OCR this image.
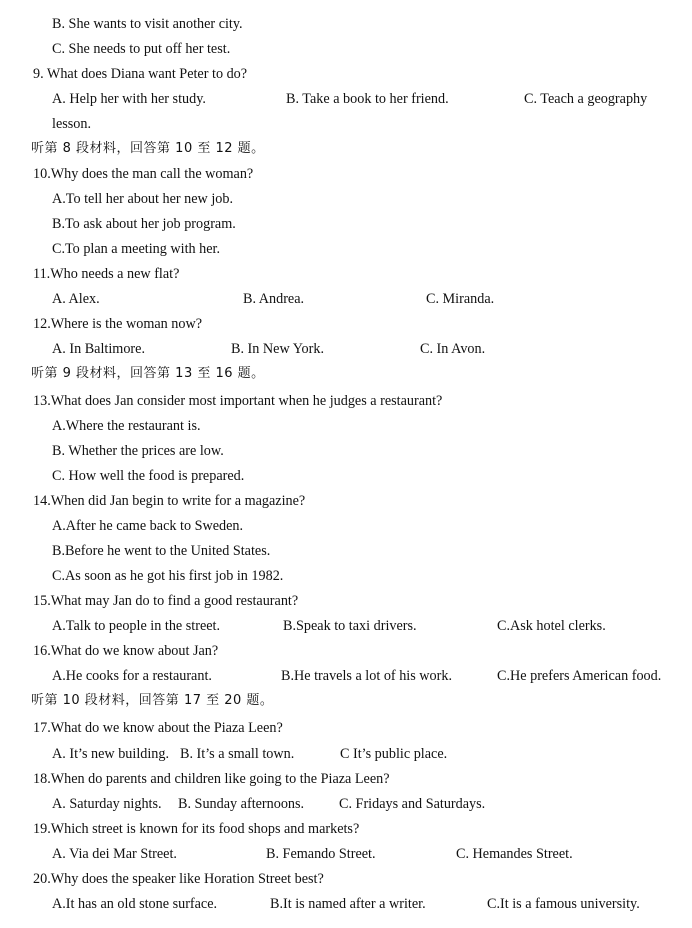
B. She wants to visit another city.
C. She needs to put off her test.
9. What does Diana want Peter to do?
A. Help her with her study.	B. Take a book to her friend.	C. Teach a geography
lesson.
听第 8 段材料，回答第 10 至 12 题。
10.Why does the man call the woman?
A.To tell her about her new job.
B.To ask about her job program.
C.To plan a meeting with her.
11.Who needs a new flat?
A. Alex.	B. Andrea.	C. Miranda.
12.Where is the woman now?
A. In Baltimore.	B. In New York.	C. In Avon.
听第 9 段材料，回答第 13 至 16 题。
13.What does Jan consider most important when he judges a restaurant?
A.Where the restaurant is.
B. Whether the prices are low.
C. How well the food is prepared.
14.When did Jan begin to write for a magazine?
A.After he came back to Sweden.
B.Before he went to the United States.
C.As soon as he got his first job in 1982.
15.What may Jan do to find a good restaurant?
A.Talk to people in the street.	B.Speak to taxi drivers.	C.Ask hotel clerks.
16.What do we know about Jan?
A.He cooks for a restaurant.	B.He travels a lot of his work.	C.He prefers American food.
听第 10 段材料，回答第 17 至 20 题。
17.What do we know about the Piaza Leen?
A. It’s new building. B. It’s a small town.	C It’s public place.
18.When do parents and children like going to the Piaza Leen?
A. Saturday nights. B. Sunday afternoons. C. Fridays and Saturdays.
19.Which street is known for its food shops and markets?
A. Via dei Mar Street.	B. Femando Street.	C. Hemandes Street.
20.Why does the speaker like Horation Street best?
A.It has an old stone surface.	B.It is named after a writer.	C.It is a famous university.
